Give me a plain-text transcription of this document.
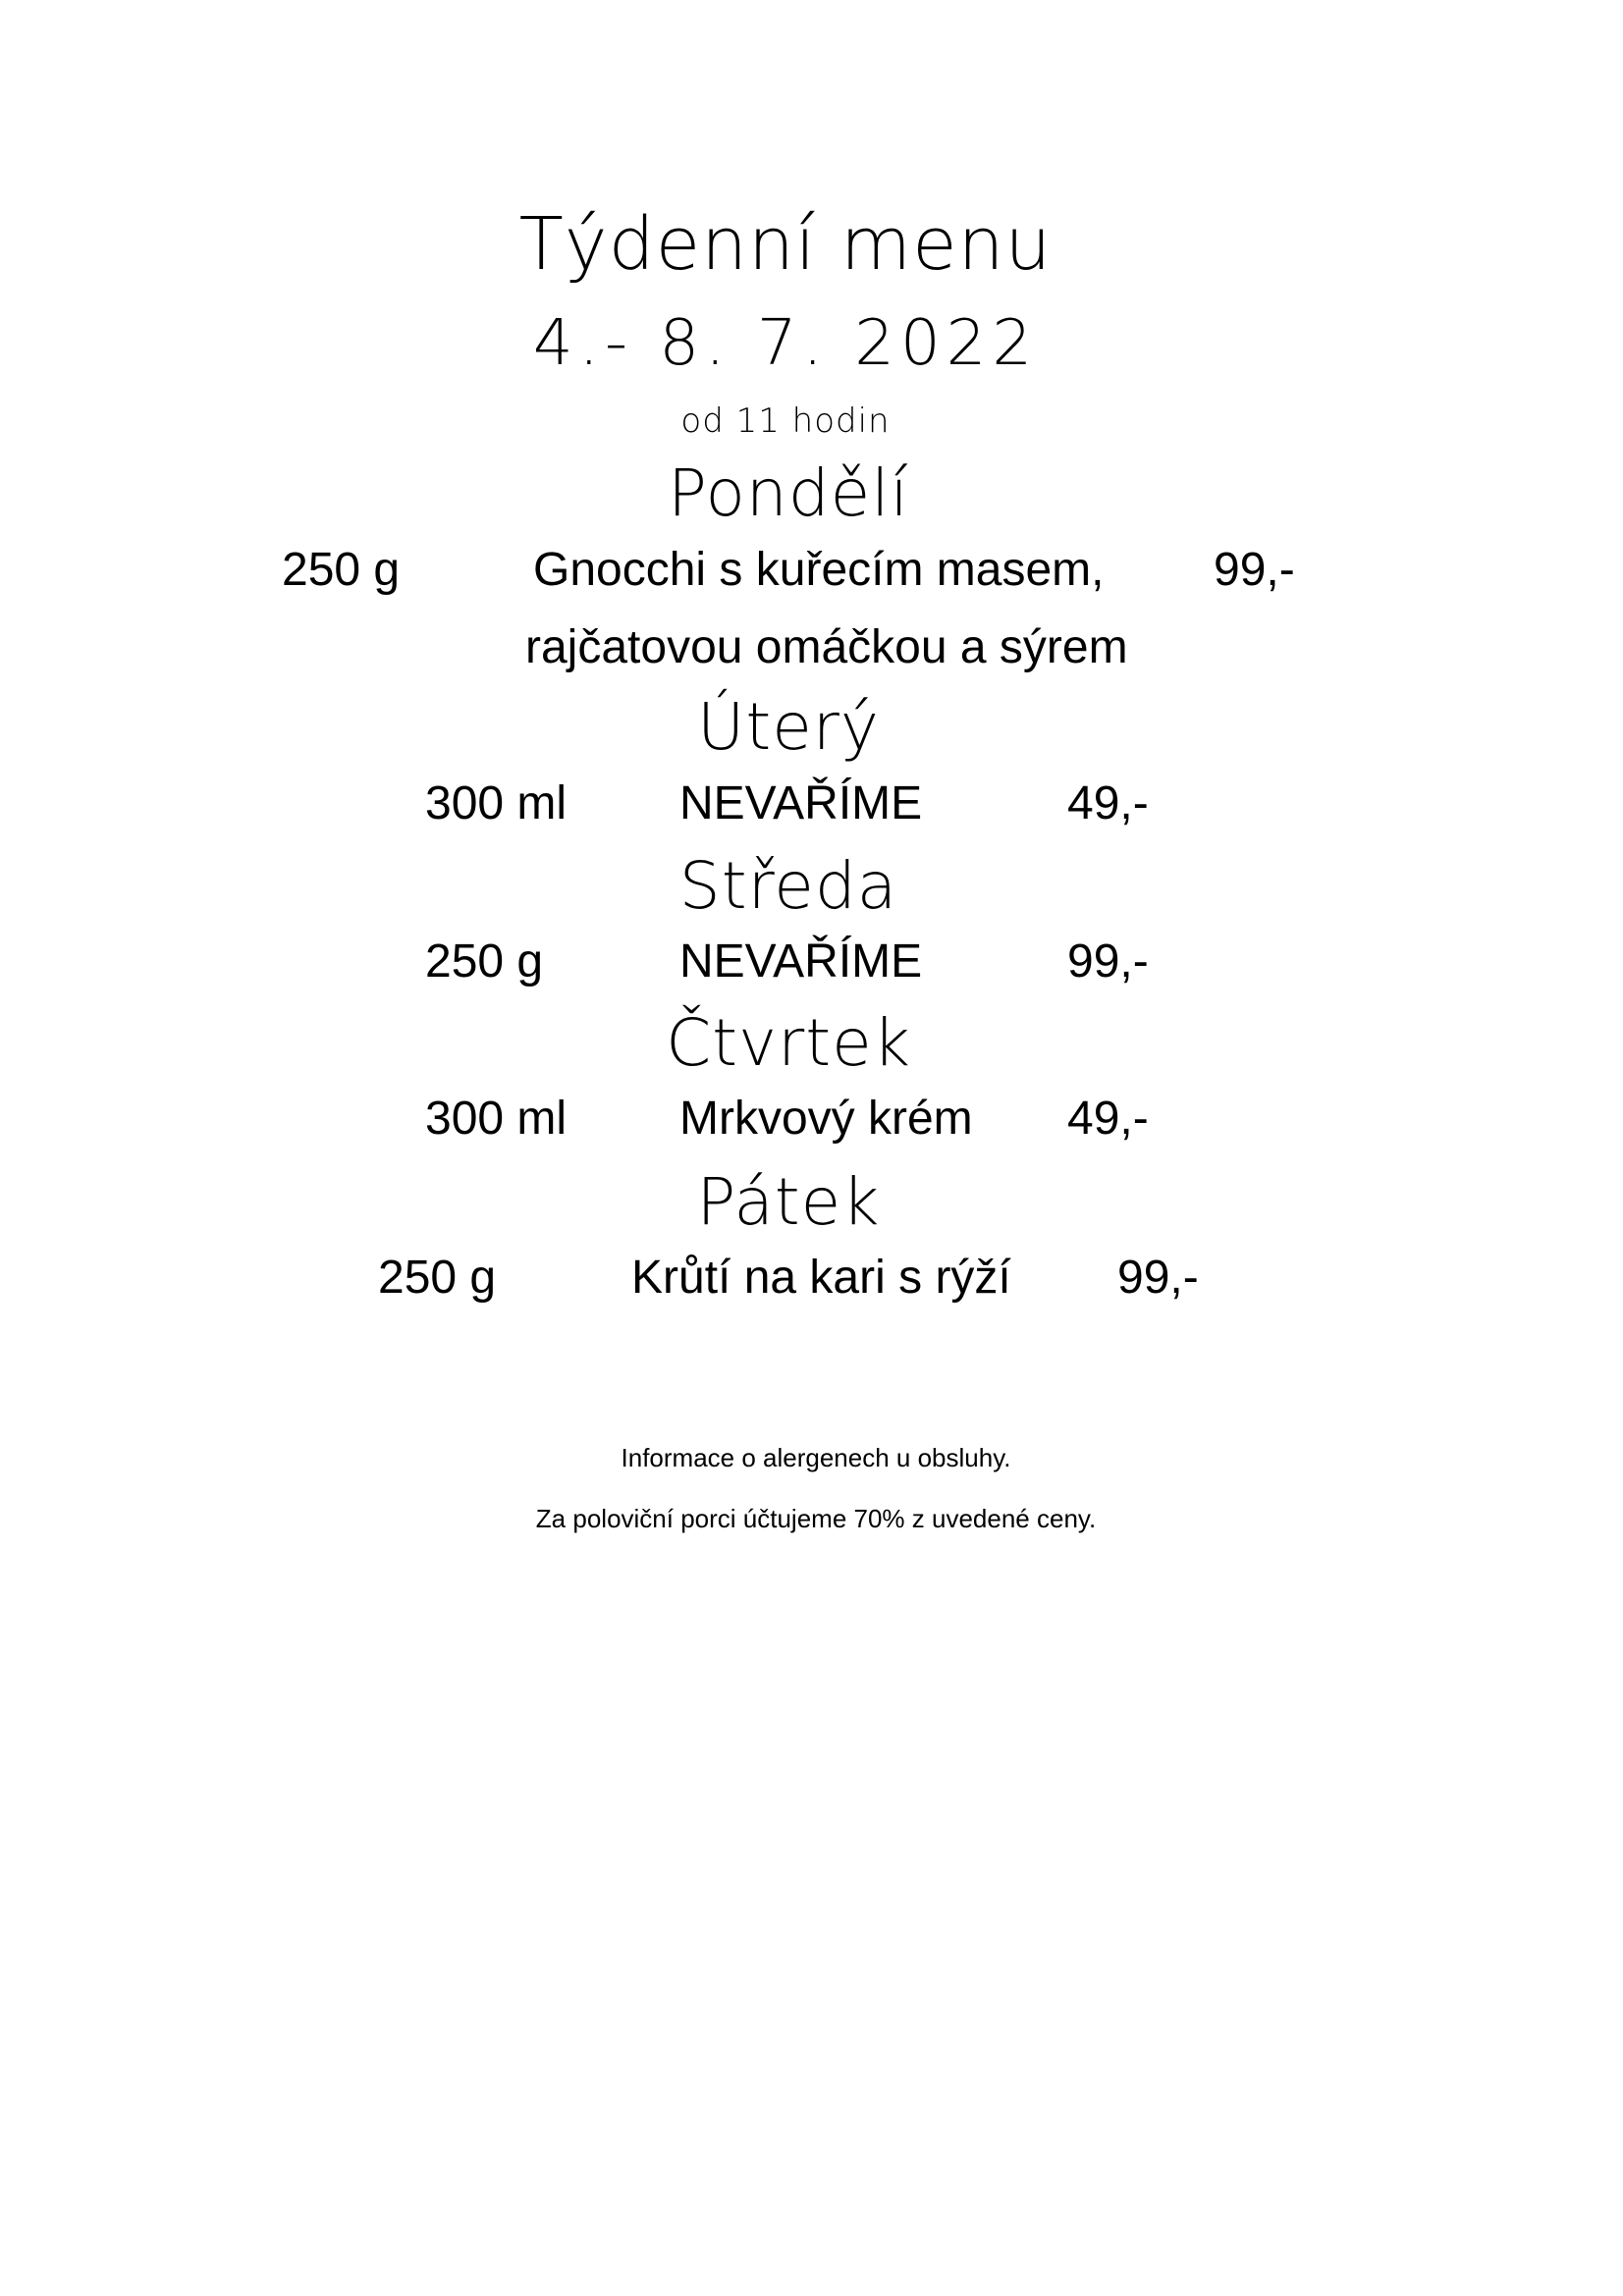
Týdenní menu
4.- 8. 7. 2022
od 11 hodin
Pondělí
250 g	Gnocchi s kuřecím masem, 99,-
rajčatovou omáčkou a sýrem
Úterý
300 ml NEVAŘÍME	49,-
Středa
250 g	NEVAŘÍME	99,-
Čtvrtek
300 ml Mrkvový krém 49,-
Pátek
250 g	Krůtí na kari s rýží 99,-
Informace o alergenech u obsluhy.
Za poloviční porci účtujeme 70% z uvedené ceny.
